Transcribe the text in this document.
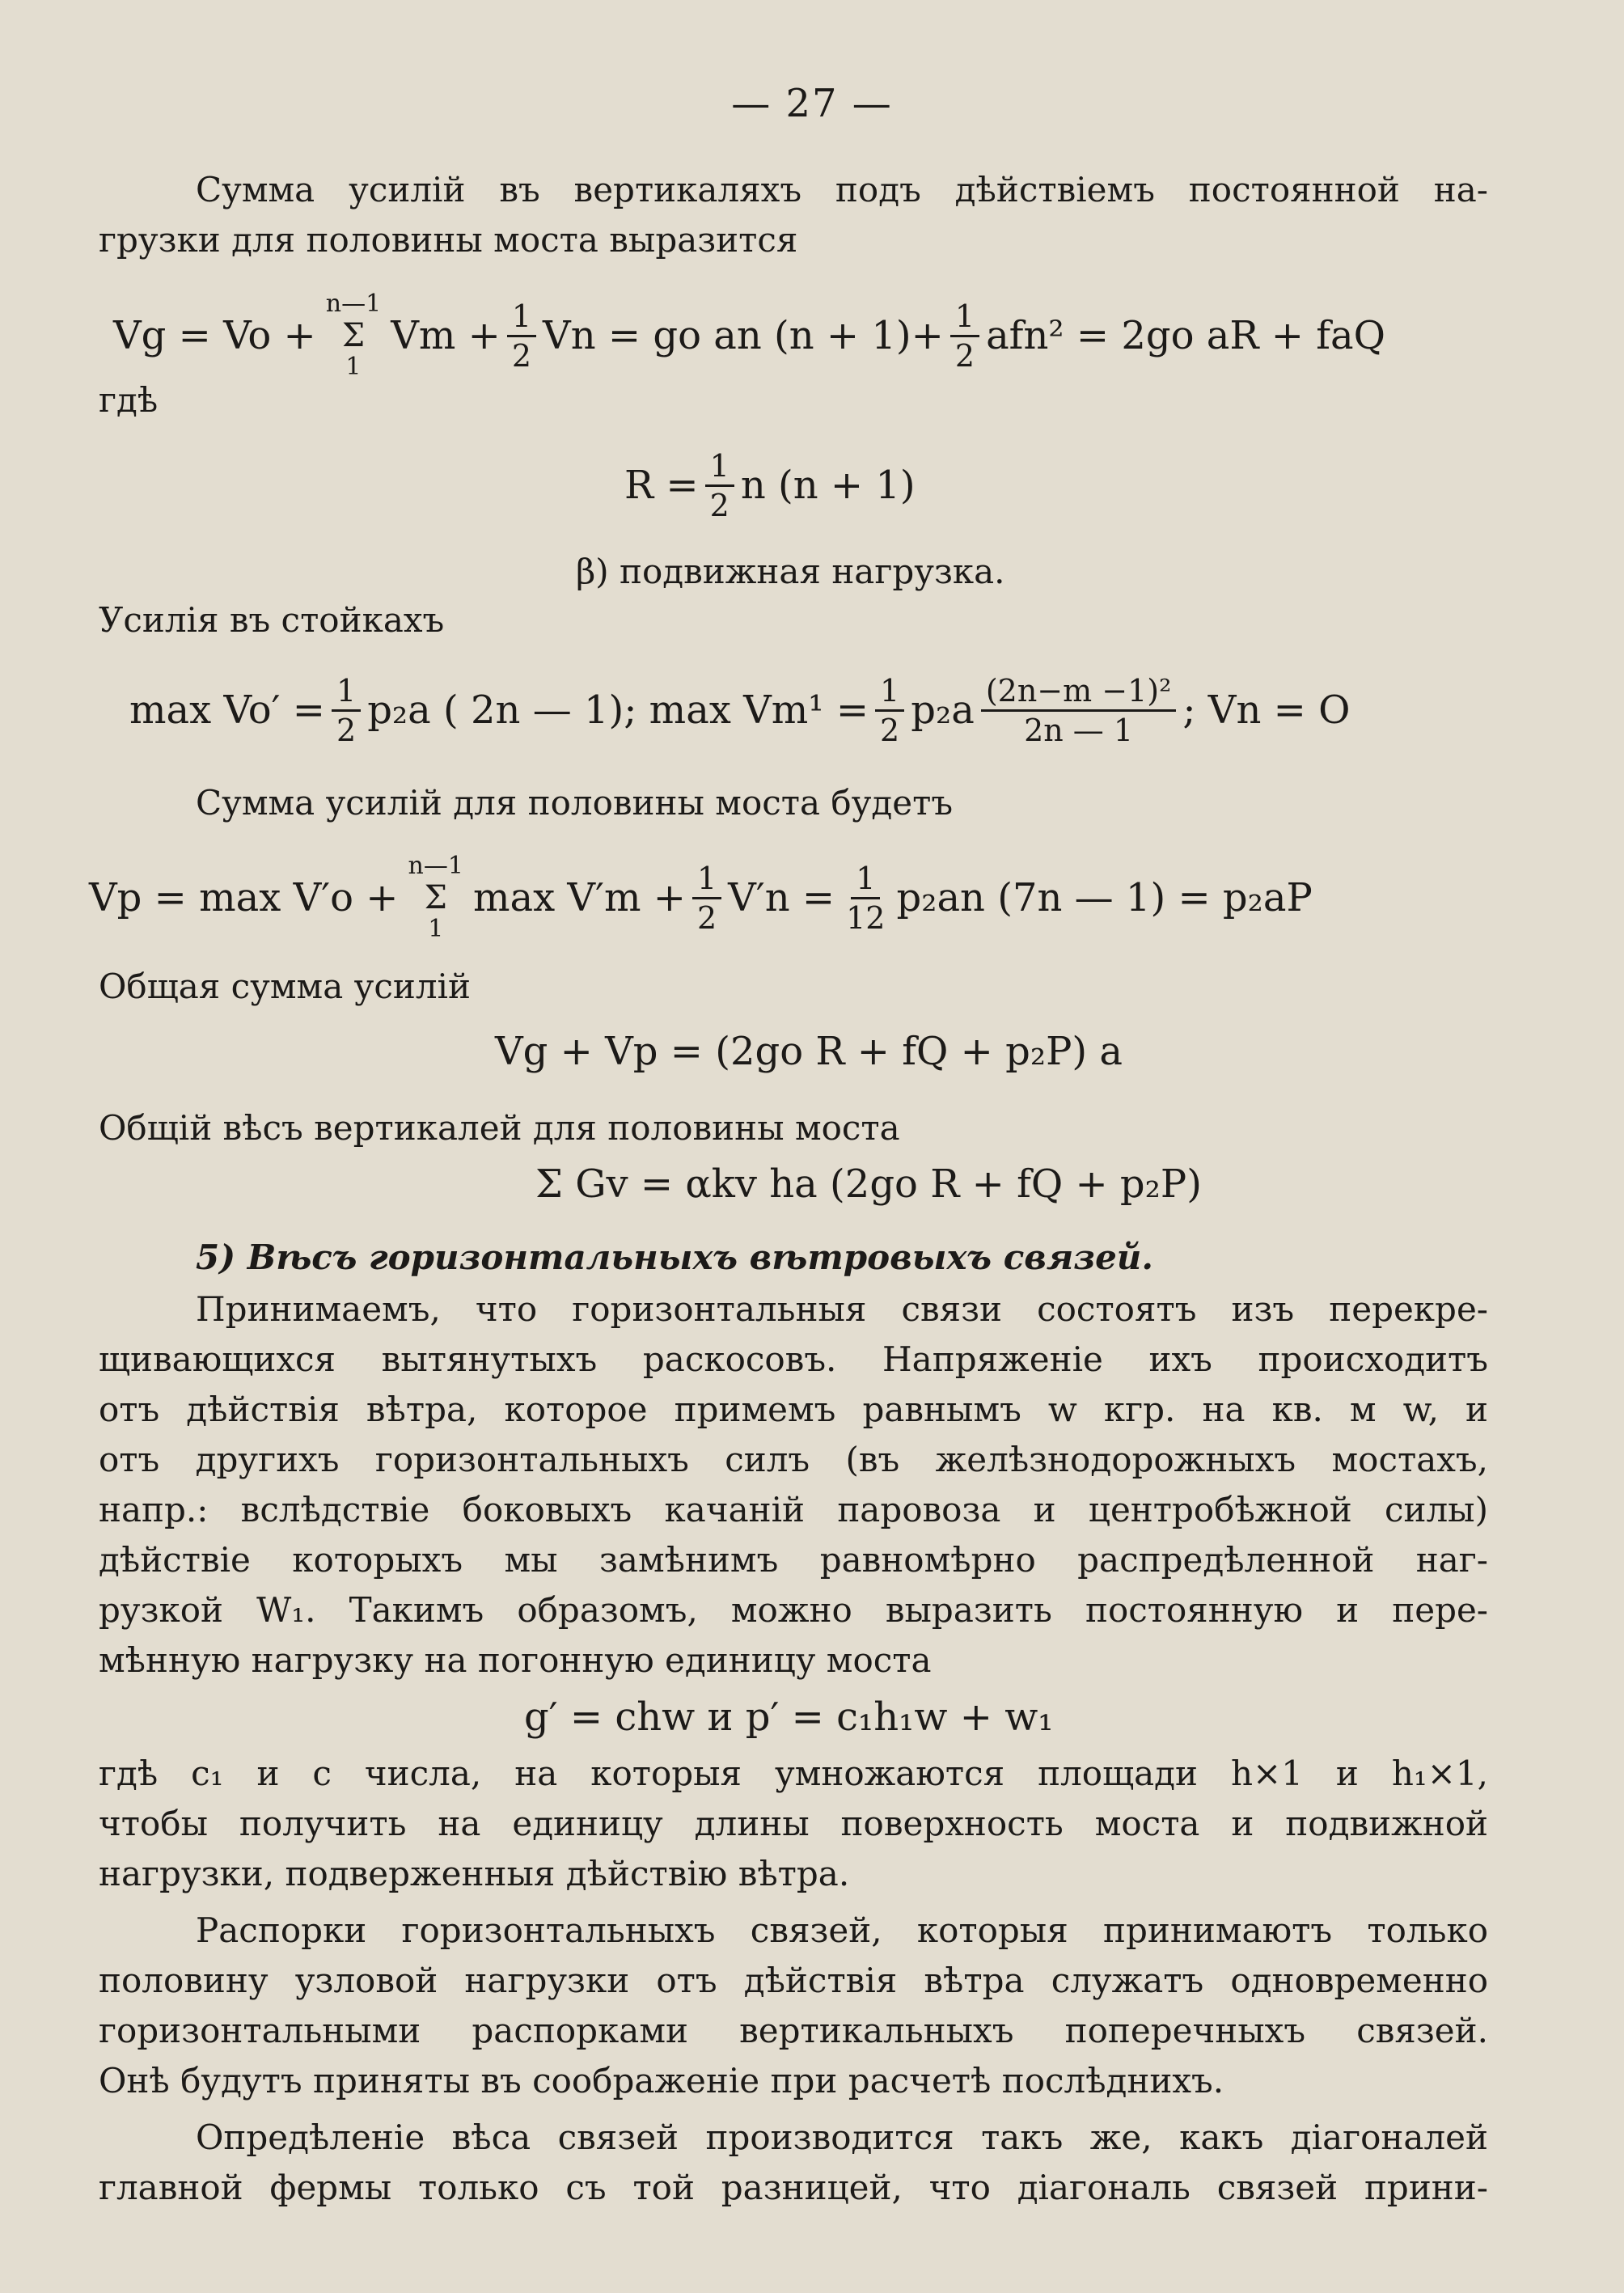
— 27 —
Сумма усилій въ вертикаляхъ подъ дѣйствіемъ постоянной на-
грузки для половины моста выразится
Vg = Vo +
n—1
Σ
1
$Vm + \frac{1}{2}$ Vn = go an $(n + 1)+ \frac{1}{2} afn^2 = 2go$ aR + faQ
гдѣ
$R = \frac{1}{2}$ n (n + 1)
β) подвижная нагрузка.
Усилія въ стойкахъ
$\max Vo' = \frac{1}{2} p_2a$ ( 2n — 1); $\max Vm^1 = \frac{1}{2} p_2a \frac{\text{(2n−m −1)²}}{2n — 1}$ ; Vn = O
Сумма усилій для половины моста будетъ
Vp = max V′o +
n—1
Σ
1
$\max V'm + \frac{1}{2} V'n = \frac{1}{12} p_2an$ (7n — 1) = p₂aP
Общая сумма усилій
Vg + Vp = (2go R + fQ + p₂P) a
Общій вѣсъ вертикалей для половины моста
Σ Gv = αkv ha (2go R + fQ + p₂P)
5) Вѣсъ горизонтальныхъ вѣтровыхъ связей.
Принимаемъ, что горизонтальныя связи состоятъ изъ перекре-
щивающихся вытянутыхъ раскосовъ. Напряженіе ихъ происходитъ
отъ дѣйствія вѣтра, которое примемъ равнымъ w кгр. на кв. м w, и
отъ другихъ горизонтальныхъ силъ (въ желѣзнодорожныхъ мостахъ,
напр.: вслѣдствіе боковыхъ качаній паровоза и центробѣжной силы)
дѣйствіе которыхъ мы замѣнимъ равномѣрно распредѣленной наг-
рузкой W₁. Такимъ образомъ, можно выразить постоянную и пере-
мѣнную нагрузку на погонную единицу моста
g′ = chw и p′ = c₁h₁w + w₁
гдѣ c₁ и c числа, на которыя умножаются площади h×1 и h₁×1,
чтобы получить на единицу длины поверхность моста и подвижной
нагрузки, подверженныя дѣйствію вѣтра.
Распорки горизонтальныхъ связей, которыя принимаютъ только
половину узловой нагрузки отъ дѣйствія вѣтра служатъ одновременно
горизонтальными распорками вертикальныхъ поперечныхъ связей.
Онѣ будутъ приняты въ соображеніе при расчетѣ послѣднихъ.
Опредѣленіе вѣса связей производится такъ же, какъ діагоналей
главной фермы только съ той разницей, что діагональ связей прини-
